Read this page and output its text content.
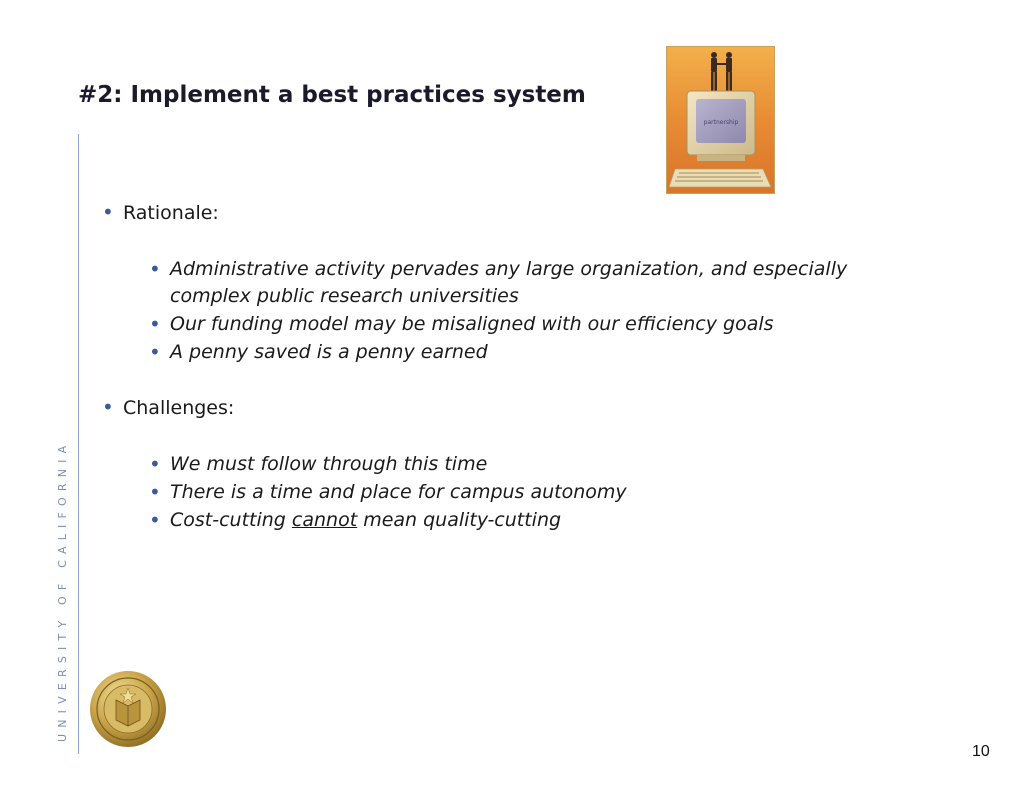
#2: Implement a best practices system
partnership
UNIVERSITY OF CALIFORNIA
• Rationale:
• Administrative activity pervades any large organization, and especially
complex public research universities
• Our funding model may be misaligned with our efficiency goals
• A penny saved is a penny earned
• Challenges:
• We must follow through this time
• There is a time and place for campus autonomy
• Cost-cutting cannot mean quality-cutting
10
